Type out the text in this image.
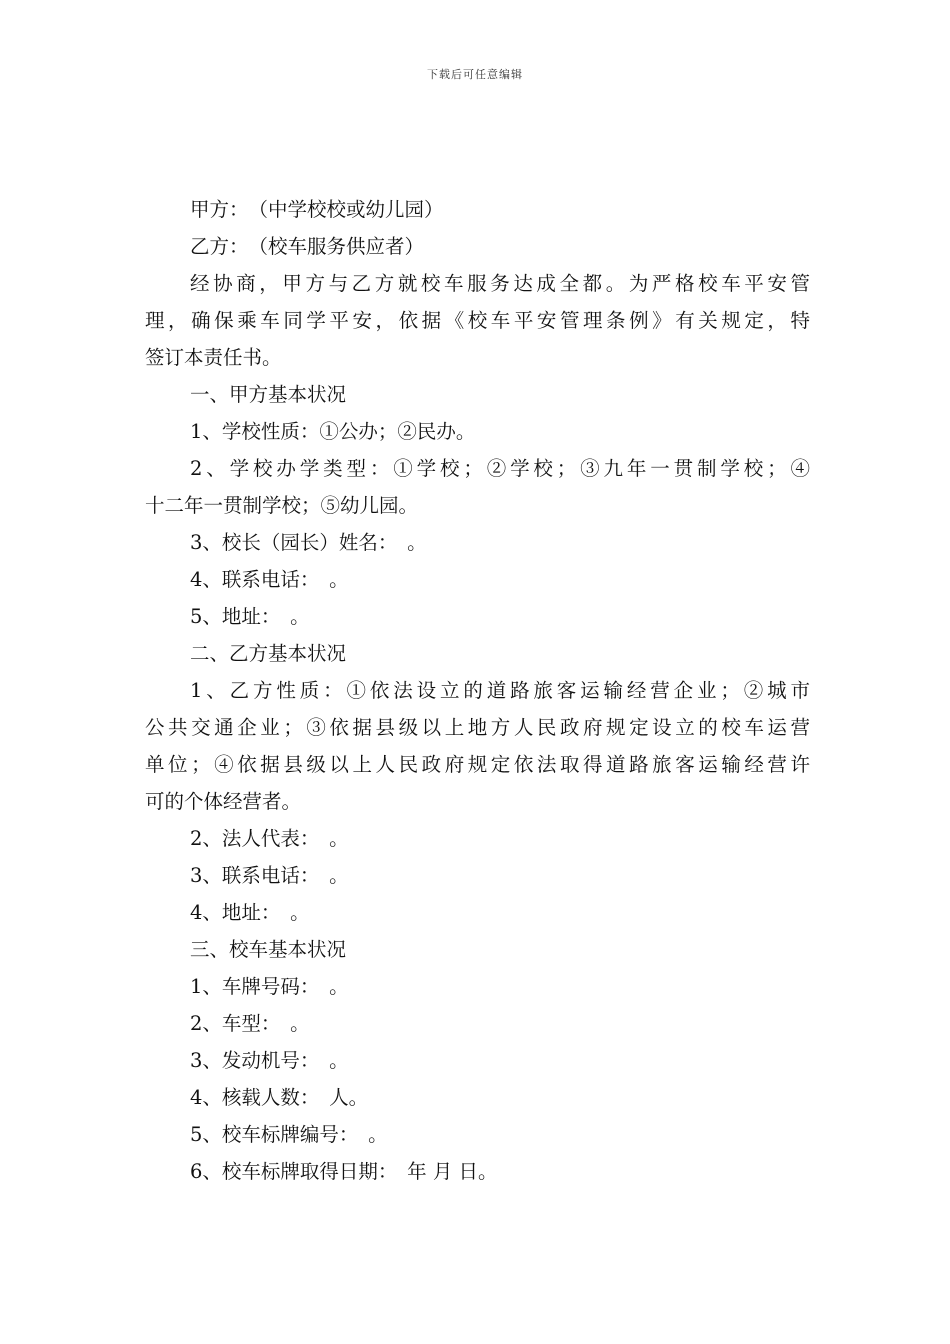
下载后可任意编辑
甲方：　（中学校校或幼儿园）
乙方：　（校车服务供应者）
经协商，甲方与乙方就校车服务达成全都。为严格校车平安管
理，确保乘车同学平安，依据《校车平安管理条例》有关规定，特
签订本责任书。
一、甲方基本状况
1、学校性质：①公办；②民办。
2、学校办学类型：①学校；②学校；③九年一贯制学校；④
十二年一贯制学校；⑤幼儿园。
3、校长（园长）姓名：　。
4、联系电话：　。
5、地址：　。
二、乙方基本状况
1、乙方性质：①依法设立的道路旅客运输经营企业；②城市
公共交通企业；③依据县级以上地方人民政府规定设立的校车运营
单位；④依据县级以上人民政府规定依法取得道路旅客运输经营许
可的个体经营者。
2、法人代表：　。
3、联系电话：　。
4、地址：　。
三、校车基本状况
1、车牌号码：　。
2、车型：　。
3、发动机号：　。
4、核载人数：　人。
5、校车标牌编号：　。
6、校车标牌取得日期：　年 月 日。
